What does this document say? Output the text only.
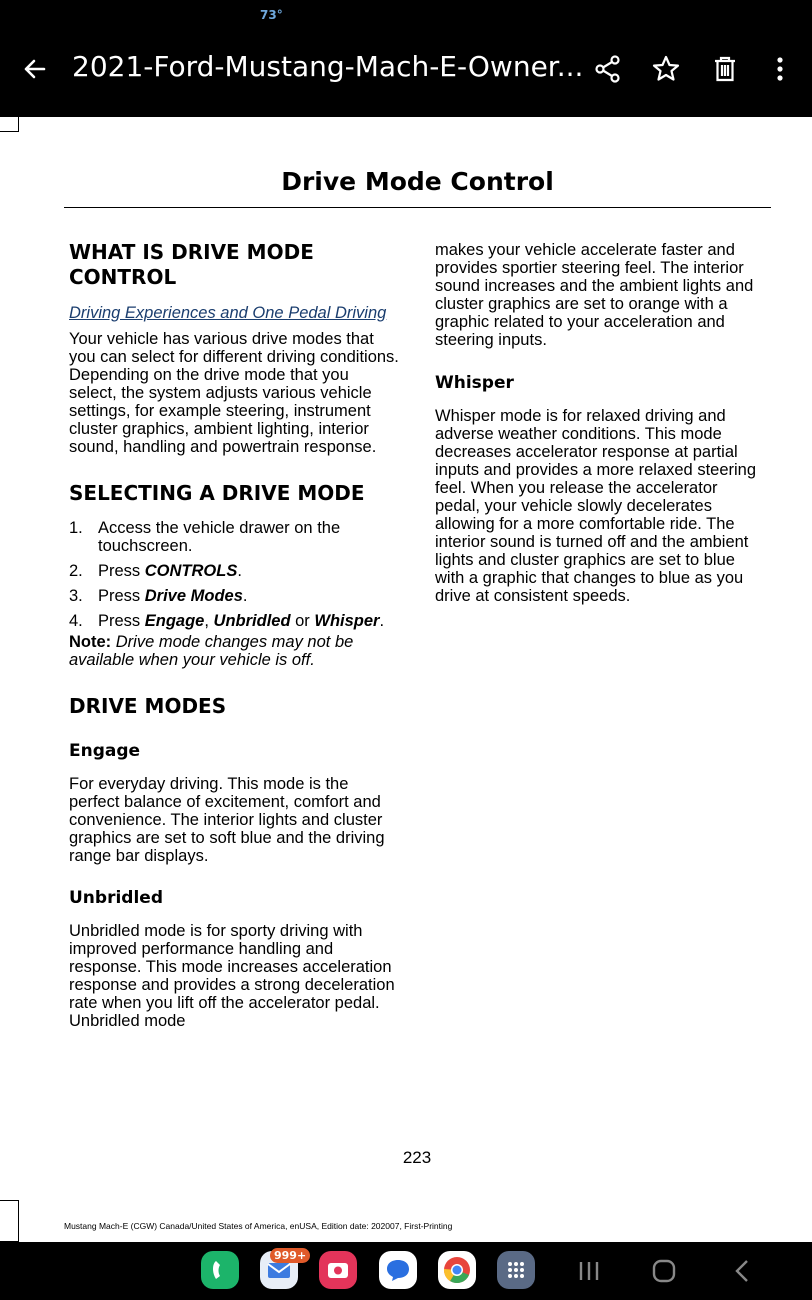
73°
2021-Ford-Mustang-Mach-E-Owner...
Drive Mode Control
WHAT IS DRIVE MODE CONTROL

Driving Experiences and One Pedal Driving

Your vehicle has various drive modes that you can select for different driving conditions. Depending on the drive mode that you select, the system adjusts various vehicle settings, for example steering, instrument cluster graphics, ambient lighting, interior sound, handling and powertrain response.

SELECTING A DRIVE MODE
1. Access the vehicle drawer on the touchscreen.
2. Press CONTROLS.
3. Press Drive Modes.
4. Press Engage, Unbridled or Whisper.

Note: Drive mode changes may not be available when your vehicle is off.

DRIVE MODES
Engage

For everyday driving. This mode is the perfect balance of excitement, comfort and convenience. The interior lights and cluster graphics are set to soft blue and the driving range bar displays.

Unbridled

Unbridled mode is for sporty driving with improved performance handling and response. This mode increases acceleration response and provides a strong deceleration rate when you lift off the accelerator pedal. Unbridled mode

makes your vehicle accelerate faster and provides sportier steering feel. The interior sound increases and the ambient lights and cluster graphics are set to orange with a graphic related to your acceleration and steering inputs.

Whisper

Whisper mode is for relaxed driving and adverse weather conditions. This mode decreases accelerator response at partial inputs and provides a more relaxed steering feel. When you release the accelerator pedal, your vehicle slowly decelerates allowing for a more comfortable ride. The interior sound is turned off and the ambient lights and cluster graphics are set to blue with a graphic that changes to blue as you drive at consistent speeds.

223
Mustang Mach-E (CGW) Canada/United States of America, enUSA, Edition date: 202007, First-Printing
999+
